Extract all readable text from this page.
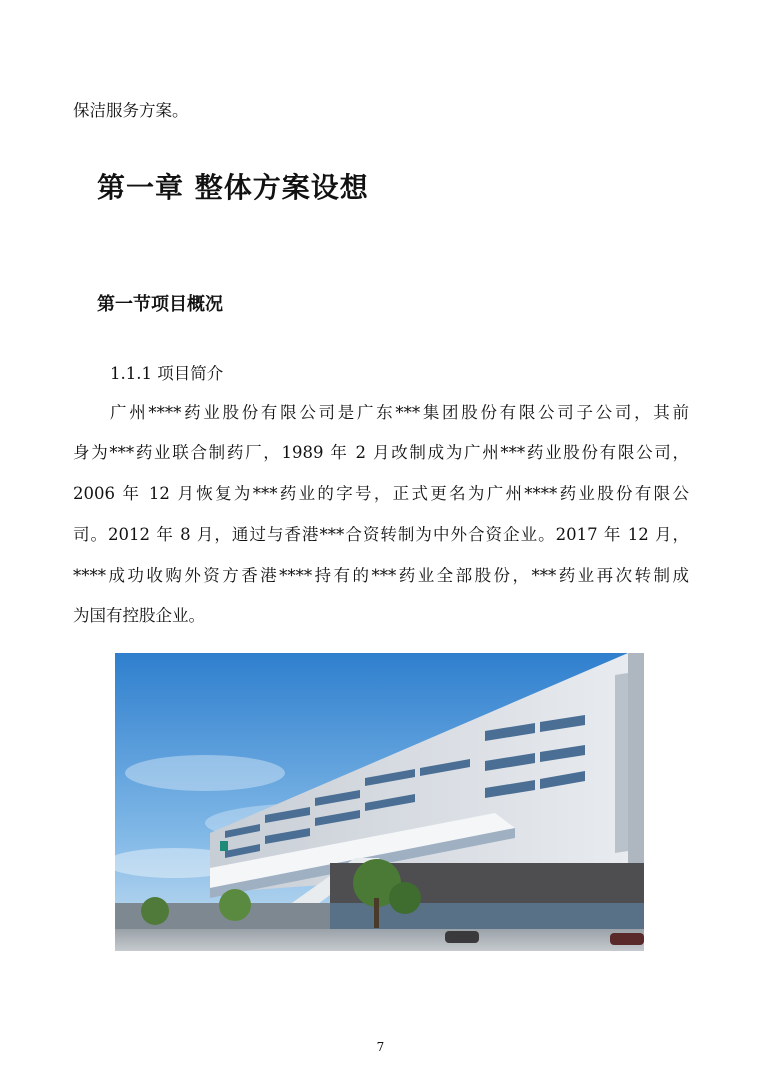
保洁服务方案。
第一章 整体方案设想
第一节项目概况
1.1.1 项目简介
广州****药业股份有限公司是广东***集团股份有限公司子公司，其前
身为***药业联合制药厂，1989 年 2 月改制成为广州***药业股份有限公司，
2006 年 12 月恢复为***药业的字号，正式更名为广州****药业股份有限公
司。2012 年 8 月，通过与香港***合资转制为中外合资企业。2017 年 12 月，
****成功收购外资方香港****持有的***药业全部股份，***药业再次转制成
为国有控股企业。
7
